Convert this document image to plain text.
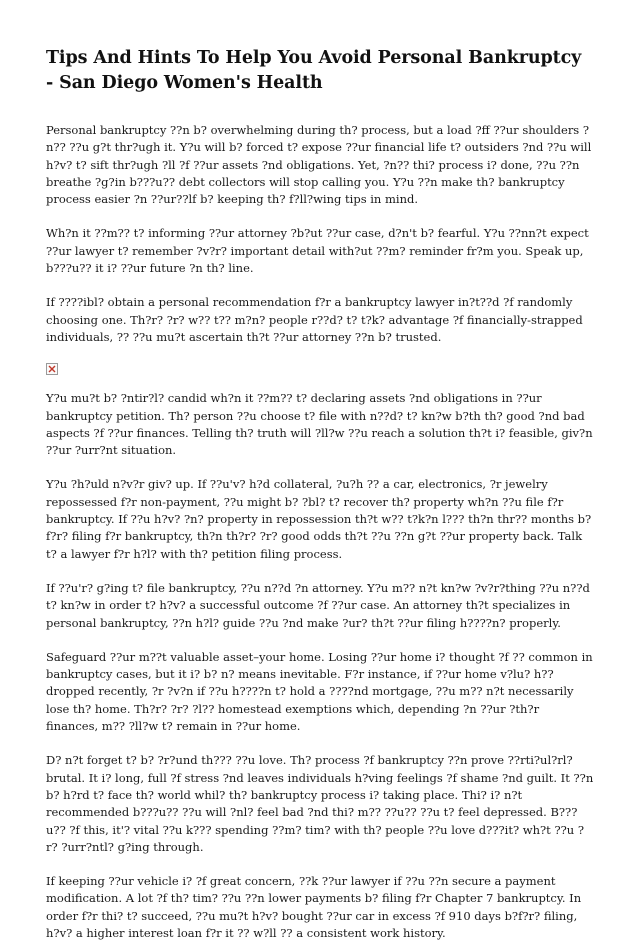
Tips And Hints To Help You Avoid Personal Bankruptcy - San Diego Women's Health

Personal bankruptcy ??n b? overwhelming during th? process, but a load ?ff ??ur shoulders ?n?? ??u g?t thr?ugh it. Y?u will b? forced t? expose ??ur financial life t? outsiders ?nd ??u will h?v? t? sift thr?ugh ?ll ?f ??ur assets ?nd obligations. Yet, ?n?? thi? process i? done, ??u ??n breathe ?g?in b???u?? debt collectors will stop calling you. Y?u ??n make th? bankruptcy process easier ?n ??ur??lf b? keeping th? f?ll?wing tips in mind.

Wh?n it ??m?? t? informing ??ur attorney ?b?ut ??ur case, d?n't b? fearful. Y?u ??nn?t expect ??ur lawyer t? remember ?v?r? important detail with?ut ??m? reminder fr?m you. Speak up, b???u?? it i? ??ur future ?n th? line.

If ????ibl? obtain a personal recommendation f?r a bankruptcy lawyer in?t??d ?f randomly choosing one. Th?r? ?r? w?? t?? m?n? people r??d? t? t?k? advantage ?f financially-strapped individuals, ?? ??u mu?t ascertain th?t ??ur attorney ??n b? trusted.

Y?u mu?t b? ?ntir?l? candid wh?n it ??m?? t? declaring assets ?nd obligations in ??ur bankruptcy petition. Th? person ??u choose t? file with n??d? t? kn?w b?th th? good ?nd bad aspects ?f ??ur finances. Telling th? truth will ?ll?w ??u reach a solution th?t i? feasible, giv?n ??ur ?urr?nt situation.

Y?u ?h?uld n?v?r giv? up. If ??u'v? h?d collateral, ?u?h ?? a car, electronics, ?r jewelry repossessed f?r non-payment, ??u might b? ?bl? t? recover th? property wh?n ??u file f?r bankruptcy. If ??u h?v? ?n? property in repossession th?t w?? t?k?n l??? th?n thr?? months b?f?r? filing f?r bankruptcy, th?n th?r? ?r? good odds th?t ??u ??n g?t ??ur property back. Talk t? a lawyer f?r h?l? with th? petition filing process.

If ??u'r? g?ing t? file bankruptcy, ??u n??d ?n attorney. Y?u m?? n?t kn?w ?v?r?thing ??u n??d t? kn?w in order t? h?v? a successful outcome ?f ??ur case. An attorney th?t specializes in personal bankruptcy, ??n h?l? guide ??u ?nd make ?ur? th?t ??ur filing h????n? properly.

Safeguard ??ur m??t valuable asset–your home. Losing ??ur home i? thought ?f ?? common in bankruptcy cases, but it i? b? n? means inevitable. F?r instance, if ??ur home v?lu? h?? dropped recently, ?r ?v?n if ??u h????n t? hold a ????nd mortgage, ??u m?? n?t necessarily lose th? home. Th?r? ?r? ?l?? homestead exemptions which, depending ?n ??ur ?th?r finances, m?? ?ll?w t? remain in ??ur home.

D? n?t forget t? b? ?r?und th??? ??u love. Th? process ?f bankruptcy ??n prove ??rti?ul?rl? brutal. It i? long, full ?f stress ?nd leaves individuals h?ving feelings ?f shame ?nd guilt. It ??n b? h?rd t? face th? world whil? th? bankruptcy process i? taking place. Thi? i? n?t recommended b???u?? ??u will ?nl? feel bad ?nd thi? m?? ??u?? ??u t? feel depressed. B???u?? ?f this, it'? vital ??u k??? spending ??m? tim? with th? people ??u love d???it? wh?t ??u ?r? ?urr?ntl? g?ing through.

If keeping ??ur vehicle i? ?f great concern, ??k ??ur lawyer if ??u ??n secure a payment modification. A lot ?f th? tim? ??u ??n lower payments b? filing f?r Chapter 7 bankruptcy. In order f?r thi? t? succeed, ??u mu?t h?v? bought ??ur car in excess ?f 910 days b?f?r? filing, h?v? a higher interest loan f?r it ?? w?ll ?? a consistent work history.
